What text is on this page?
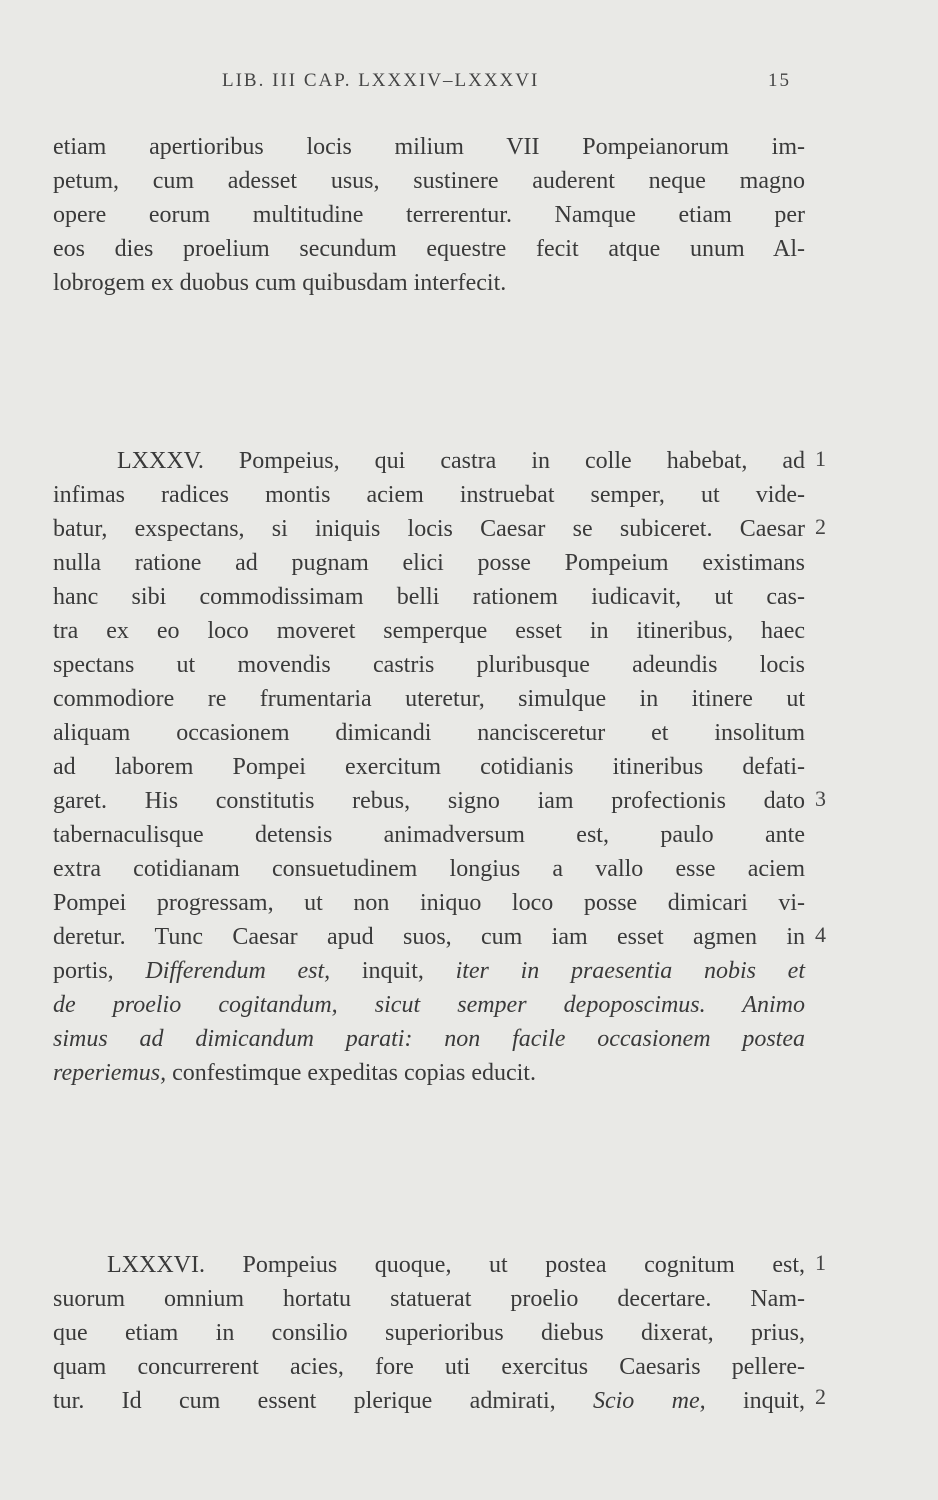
LIB. III CAP. LXXXIV–LXXXVI	15
etiam apertioribus locis milium VII Pompeianorum im-
petum, cum adesset usus, sustinere auderent neque magno
opere eorum multitudine terrerentur. Namque etiam per
eos dies proelium secundum equestre fecit atque unum Al-
lobrogem ex duobus cum quibusdam interfecit.
LXXXV. Pompeius, qui castra in colle habebat, ad
infimas radices montis aciem instruebat semper, ut vide-
batur, exspectans, si iniquis locis Caesar se subiceret. Caesar
nulla ratione ad pugnam elici posse Pompeium existimans
hanc sibi commodissimam belli rationem iudicavit, ut cas-
tra ex eo loco moveret semperque esset in itineribus, haec
spectans ut movendis castris pluribusque adeundis locis
commodiore re frumentaria uteretur, simulque in itinere ut
aliquam occasionem dimicandi nancisceretur et insolitum
ad laborem Pompei exercitum cotidianis itineribus defati-
garet. His constitutis rebus, signo iam profectionis dato
tabernaculisque detensis animadversum est, paulo ante
extra cotidianam consuetudinem longius a vallo esse aciem
Pompei progressam, ut non iniquo loco posse dimicari vi-
deretur. Tunc Caesar apud suos, cum iam esset agmen in
portis, Differendum est, inquit, iter in praesentia nobis et
de proelio cogitandum, sicut semper depoposcimus. Animo
simus ad dimicandum parati: non facile occasionem postea
reperiemus, confestimque expeditas copias educit.
1
2
3
4
LXXXVI. Pompeius quoque, ut postea cognitum est,
suorum omnium hortatu statuerat proelio decertare. Nam-
que etiam in consilio superioribus diebus dixerat, prius,
quam concurrerent acies, fore uti exercitus Caesaris pellere-
tur. Id cum essent plerique admirati, Scio me, inquit,
1
2
